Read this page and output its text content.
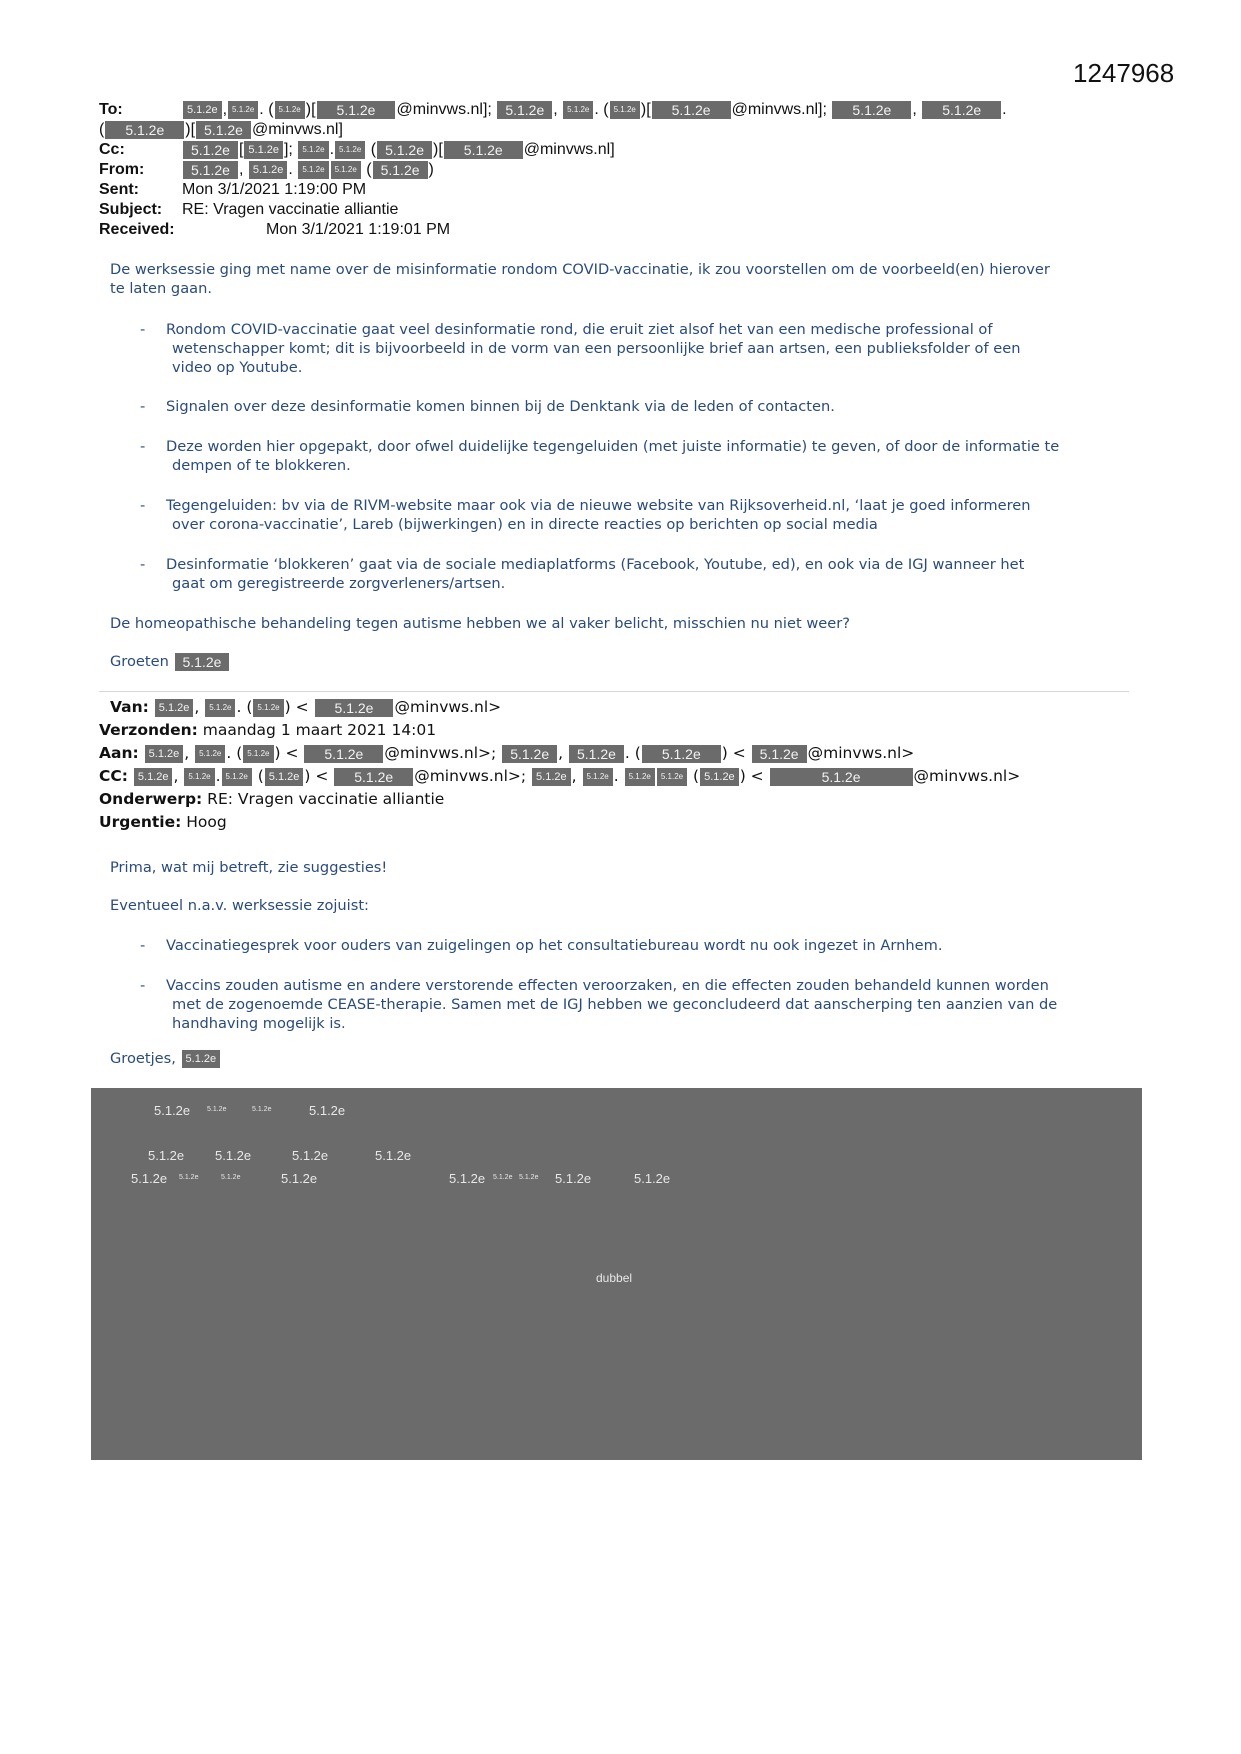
1247968
To:	5.1.2e , 5.1.2e . ( 5.1.2e )[ 5.1.2e @minvws.nl]; 5.1.2e , 5.1.2e . ( 5.1.2e )[ 5.1.2e @minvws.nl]; 5.1.2e , 5.1.2e .
( 5.1.2e )[ 5.1.2e @minvws.nl]
Cc:	5.1.2e [ 5.1.2e ]; 5.1.2e . 5.1.2e ( 5.1.2e )[ 5.1.2e @minvws.nl]
From:	5.1.2e , 5.1.2e . 5.1.2e 5.1.2e ( 5.1.2e )
Sent:	Mon 3/1/2021 1:19:00 PM
Subject: RE: Vragen vaccinatie alliantie
Received:	Mon 3/1/2021 1:19:01 PM
De werksessie ging met name over de misinformatie rondom COVID-vaccinatie, ik zou voorstellen om de voorbeeld(en) hierover
te laten gaan.
- Rondom COVID-vaccinatie gaat veel desinformatie rond, die eruit ziet alsof het van een medische professional of
wetenschapper komt; dit is bijvoorbeeld in de vorm van een persoonlijke brief aan artsen, een publieksfolder of een
video op Youtube.
- Signalen over deze desinformatie komen binnen bij de Denktank via de leden of contacten.
- Deze worden hier opgepakt, door ofwel duidelijke tegengeluiden (met juiste informatie) te geven, of door de informatie te
dempen of te blokkeren.
- Tegengeluiden: bv via de RIVM-website maar ook via de nieuwe website van Rijksoverheid.nl, ‘laat je goed informeren
over corona-vaccinatie’, Lareb (bijwerkingen) en in directe reacties op berichten op social media
- Desinformatie ‘blokkeren’ gaat via de sociale mediaplatforms (Facebook, Youtube, ed), en ook via de IGJ wanneer het
gaat om geregistreerde zorgverleners/artsen.
De homeopathische behandeling tegen autisme hebben we al vaker belicht, misschien nu niet weer?
Groeten 5.1.2e
Van: 5.1.2e , 5.1.2e . ( 5.1.2e ) < 5.1.2e @minvws.nl>
Verzonden: maandag 1 maart 2021 14:01
Aan: 5.1.2e , 5.1.2e . ( 5.1.2e ) < 5.1.2e @minvws.nl>; 5.1.2e , 5.1.2e . ( 5.1.2e ) < 5.1.2e @minvws.nl>
CC: 5.1.2e , 5.1.2e . 5.1.2e ( 5.1.2e ) < 5.1.2e @minvws.nl>; 5.1.2e , 5.1.2e . 5.1.2e 5.1.2e ( 5.1.2e ) <	5.1.2e	@minvws.nl>
Onderwerp: RE: Vragen vaccinatie alliantie
Urgentie: Hoog
Prima, wat mij betreft, zie suggesties!
Eventueel n.a.v. werksessie zojuist:
- Vaccinatiegesprek voor ouders van zuigelingen op het consultatiebureau wordt nu ook ingezet in Arnhem.
- Vaccins zouden autisme en andere verstorende effecten veroorzaken, en die effecten zouden behandeld kunnen worden
met de zogenoemde CEASE-therapie. Samen met de IGJ hebben we geconcludeerd dat aanscherping ten aanzien van de
handhaving mogelijk is.
Groetjes, 5.1.2e
5.1.2e 5.1.2e	5.1.2e	5.1.2e
5.1.2e 5.1.2e	5.1.2e	5.1.2e
5.1.2e 5.1.2e	5.1.2e	5.1.2e	5.1.2e 5.1.2e 5.1.2e 5.1.2e	5.1.2e
dubbel
